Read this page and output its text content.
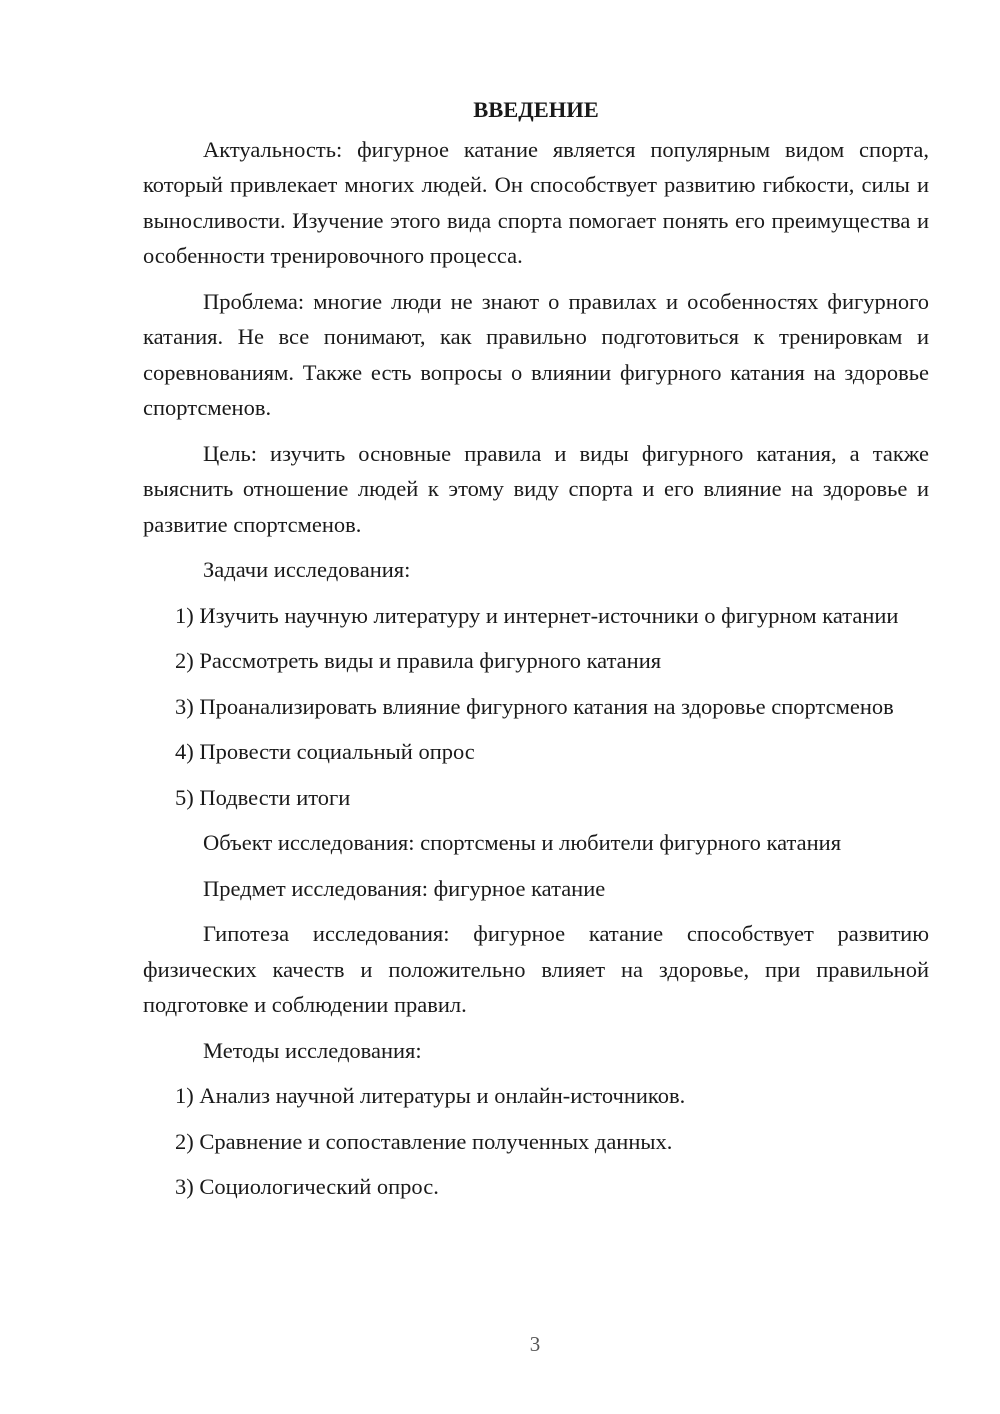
ВВЕДЕНИЕ

Актуальность: фигурное катание является популярным видом спорта, который привлекает многих людей. Он способствует развитию гибкости, силы и выносливости. Изучение этого вида спорта помогает понять его преимущества и особенности тренировочного процесса.

Проблема: многие люди не знают о правилах и особенностях фигурного катания. Не все понимают, как правильно подготовиться к тренировкам и соревнованиям. Также есть вопросы о влиянии фигурного катания на здоровье спортсменов.

Цель: изучить основные правила и виды фигурного катания, а также выяснить отношение людей к этому виду спорта и его влияние на здоровье и развитие спортсменов.

Задачи исследования:

1) Изучить научную литературу и интернет-источники о фигурном катании

2) Рассмотреть виды и правила фигурного катания

3) Проанализировать влияние фигурного катания на здоровье спортсменов

4) Провести социальный опрос

5) Подвести итоги

Объект исследования: спортсмены и любители фигурного катания

Предмет исследования: фигурное катание

Гипотеза исследования: фигурное катание способствует развитию физических качеств и положительно влияет на здоровье, при правильной подготовке и соблюдении правил.

Методы исследования:

1) Анализ научной литературы и онлайн-источников.

2) Сравнение и сопоставление полученных данных.

3) Социологический опрос.

3
